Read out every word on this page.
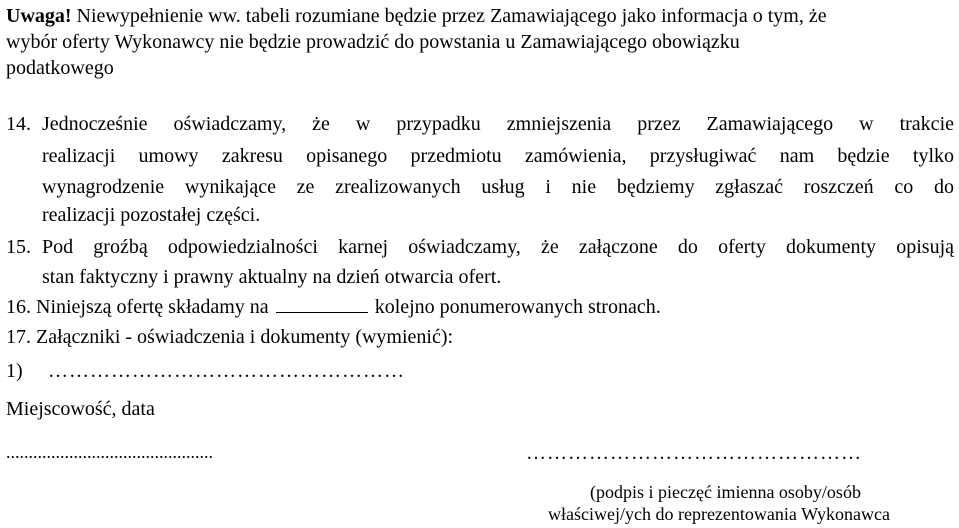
Uwaga! Niewypełnienie ww. tabeli rozumiane będzie przez Zamawiającego jako informacja o tym, że
wybór oferty Wykonawcy nie będzie prowadzić do powstania u Zamawiającego obowiązku
podatkowego
14. Jednocześnie oświadczamy, że w przypadku zmniejszenia przez Zamawiającego w trakcie
realizacji umowy zakresu opisanego przedmiotu zamówienia, przysługiwać nam będzie tylko
wynagrodzenie wynikające ze zrealizowanych usług i nie będziemy zgłaszać roszczeń co do
realizacji pozostałej części.
15. Pod groźbą odpowiedzialności karnej oświadczamy, że załączone do oferty dokumenty opisują
stan faktyczny i prawny aktualny na dzień otwarcia ofert.
16. Niniejszą ofertę składamy na	kolejno ponumerowanych stronach.
17. Załączniki - oświadczenia i dokumenty (wymienić):
1) ……………………………………………
Miejscowość, data
..............................................	…………………………………………
(podpis i pieczęć imienna osoby/osób
właściwej/ych do reprezentowania Wykonawca
